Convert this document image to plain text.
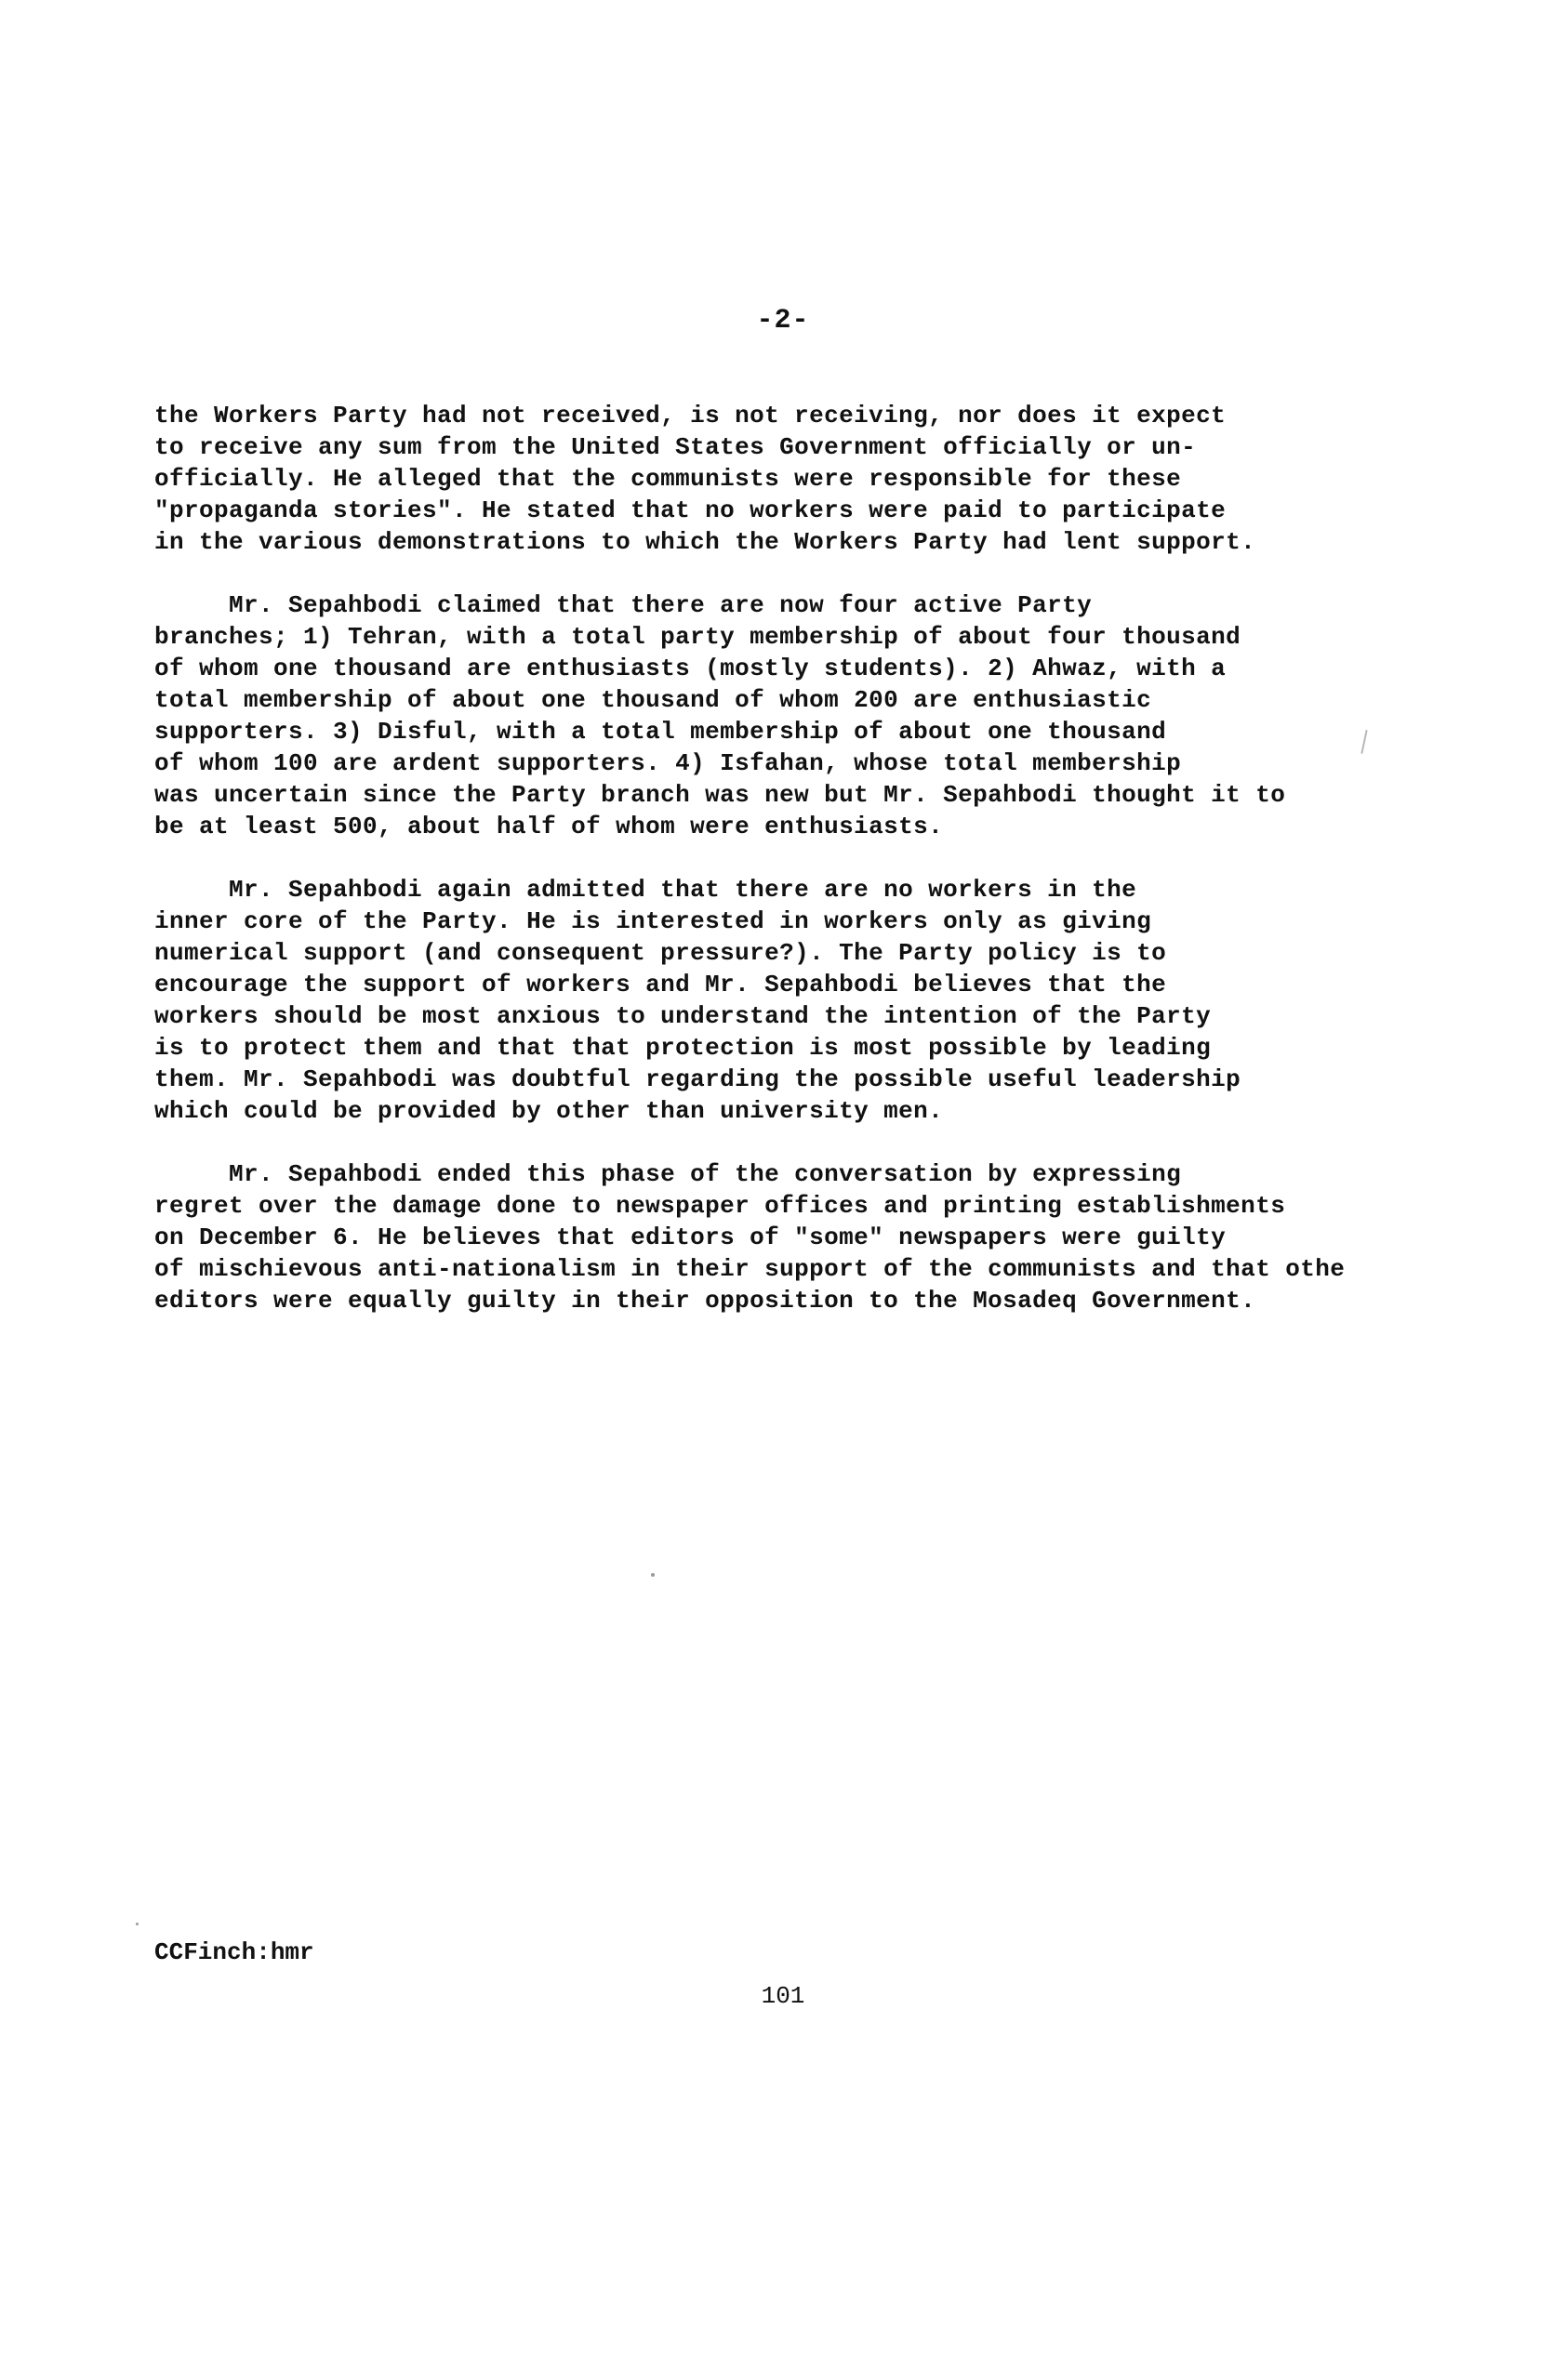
-2-
the Workers Party had not received, is not receiving, nor does it expect
to receive any sum from the United States Government officially or un-
officially. He alleged that the communists were responsible for these
"propaganda stories". He stated that no workers were paid to participate
in the various demonstrations to which the Workers Party had lent support.
Mr. Sepahbodi claimed that there are now four active Party
branches; 1) Tehran, with a total party membership of about four thousand
of whom one thousand are enthusiasts (mostly students). 2) Ahwaz, with a
total membership of about one thousand of whom 200 are enthusiastic
supporters. 3) Disful, with a total membership of about one thousand
of whom 100 are ardent supporters. 4) Isfahan, whose total membership
was uncertain since the Party branch was new but Mr. Sepahbodi thought it to
be at least 500, about half of whom were enthusiasts.
Mr. Sepahbodi again admitted that there are no workers in the
inner core of the Party. He is interested in workers only as giving
numerical support (and consequent pressure?). The Party policy is to
encourage the support of workers and Mr. Sepahbodi believes that the
workers should be most anxious to understand the intention of the Party
is to protect them and that that protection is most possible by leading
them. Mr. Sepahbodi was doubtful regarding the possible useful leadership
which could be provided by other than university men.
Mr. Sepahbodi ended this phase of the conversation by expressing
regret over the damage done to newspaper offices and printing establishments
on December 6. He believes that editors of "some" newspapers were guilty
of mischievous anti-nationalism in their support of the communists and that othe
editors were equally guilty in their opposition to the Mosadeq Government.
CCFinch:hmr
101
